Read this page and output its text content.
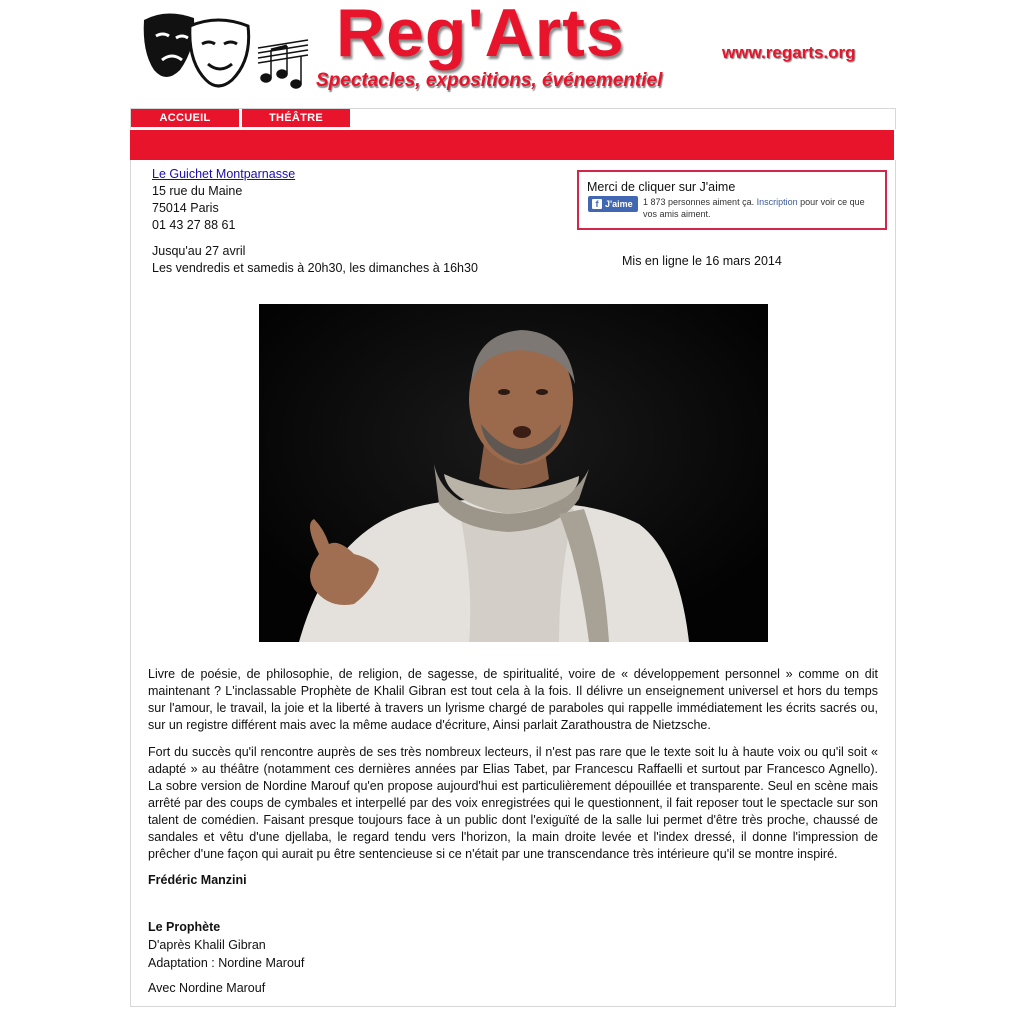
Reg'Arts	www.regarts.org
Spectacles, expositions, événementiel
ACCUEIL	THÉÂTRE
Le Guichet Montparnasse
15 rue du Maine
75014 Paris
01 43 27 88 61
Jusqu'au 27 avril
Les vendredis et samedis à 20h30, les dimanches à 16h30
Merci de cliquer sur J'aime
f J'aime	1 873 personnes aiment ça. Inscription pour voir ce que vos amis aiment.
Mis en ligne le 16 mars 2014

Livre de poésie, de philosophie, de religion, de sagesse, de spiritualité, voire de « développement personnel » comme on dit maintenant ? L'inclassable Prophète de Khalil Gibran est tout cela à la fois. Il délivre un enseignement universel et hors du temps sur l'amour, le travail, la joie et la liberté à travers un lyrisme chargé de paraboles qui rappelle immédiatement les écrits sacrés ou, sur un registre différent mais avec la même audace d'écriture, Ainsi parlait Zarathoustra de Nietzsche.

Fort du succès qu'il rencontre auprès de ses très nombreux lecteurs, il n'est pas rare que le texte soit lu à haute voix ou qu'il soit « adapté » au théâtre (notamment ces dernières années par Elias Tabet, par Francescu Raffaelli et surtout par Francesco Agnello). La sobre version de Nordine Marouf qu'en propose aujourd'hui est particulièrement dépouillée et transparente. Seul en scène mais arrêté par des coups de cymbales et interpellé par des voix enregistrées qui le questionnent, il fait reposer tout le spectacle sur son talent de comédien. Faisant presque toujours face à un public dont l'exiguïté de la salle lui permet d'être très proche, chaussé de sandales et vêtu d'une djellaba, le regard tendu vers l'horizon, la main droite levée et l'index dressé, il donne l'impression de prêcher d'une façon qui aurait pu être sentencieuse si ce n'était par une transcendance très intérieure qu'il se montre inspiré.

Frédéric Manzini
Le Prophète
D'après Khalil Gibran
Adaptation : Nordine Marouf
Avec Nordine Marouf
